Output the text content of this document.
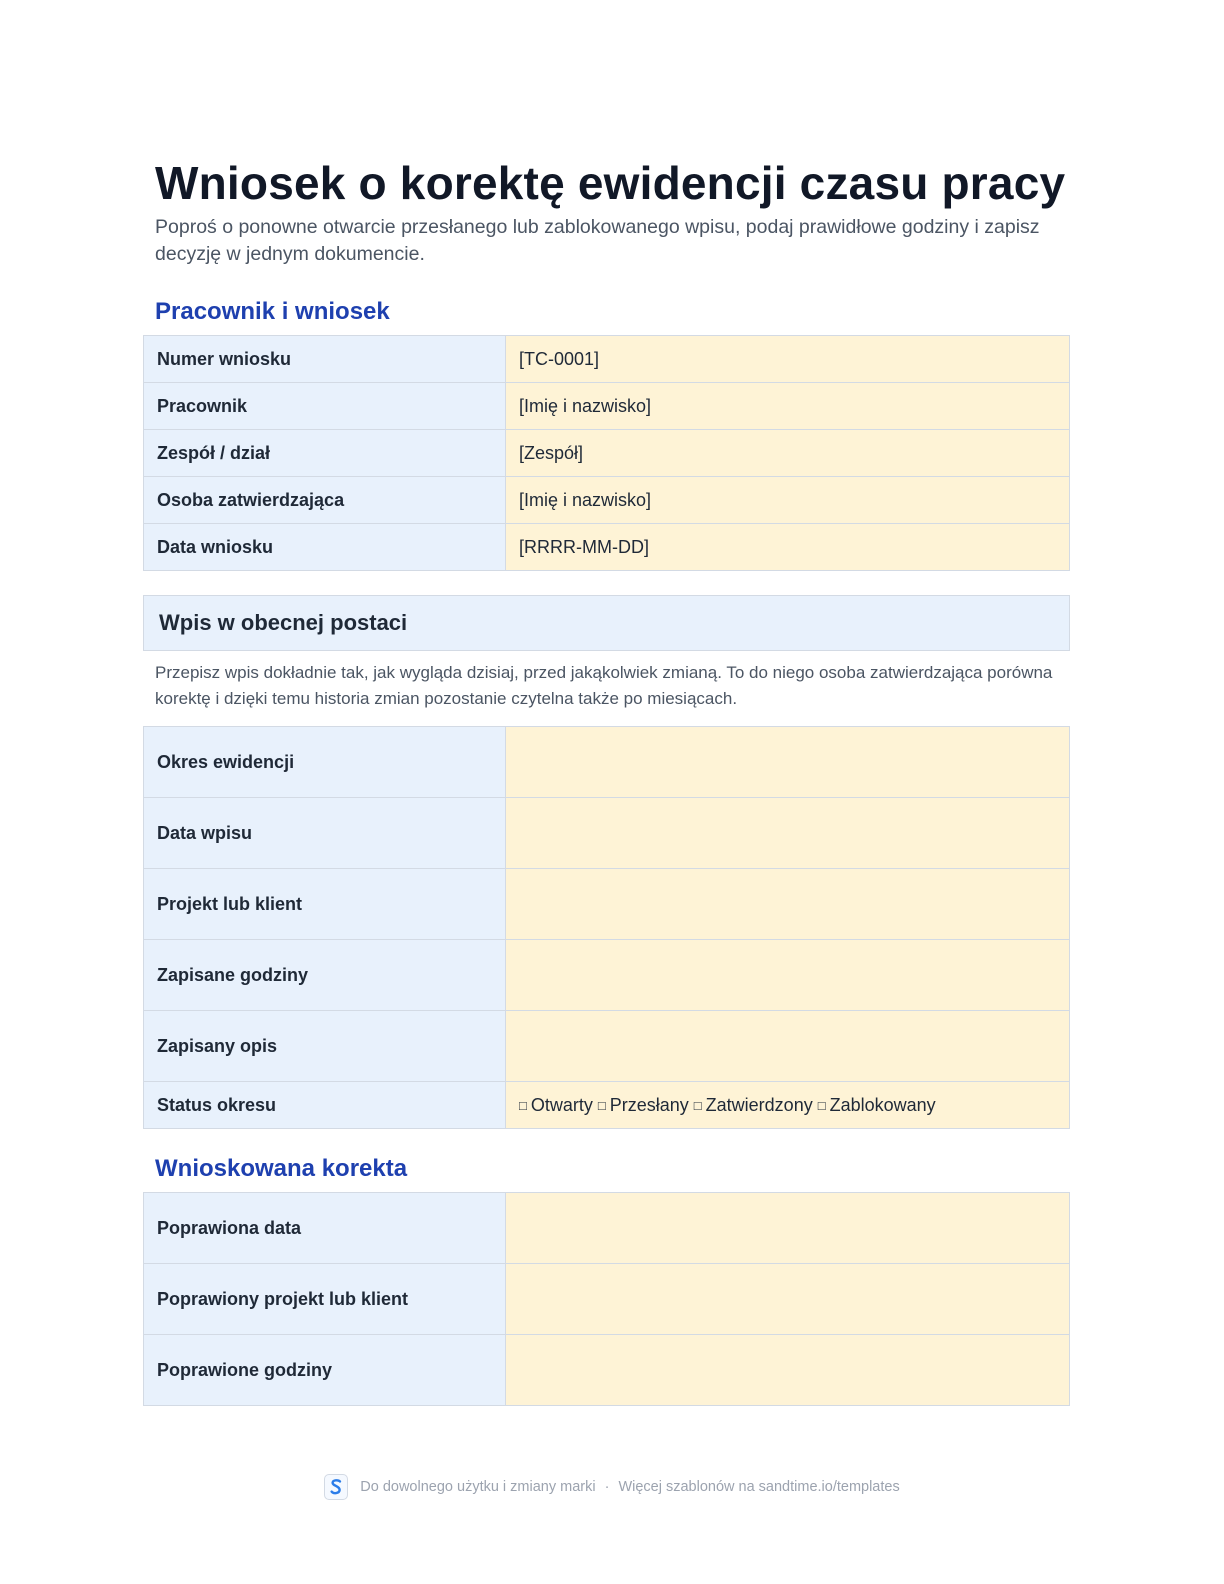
Wniosek o korektę ewidencji czasu pracy

Poproś o ponowne otwarcie przesłanego lub zablokowanego wpisu, podaj prawidłowe godziny i zapisz decyzję w jednym dokumencie.

Pracownik i wniosek
Numer wniosku	[TC-0001]
Pracownik	[Imię i nazwisko]
Zespół / dział	[Zespół]
Osoba zatwierdzająca	[Imię i nazwisko]
Data wniosku	[RRRR-MM-DD]
Wpis w obecnej postaci

Przepisz wpis dokładnie tak, jak wygląda dzisiaj, przed jakąkolwiek zmianą. To do niego osoba zatwierdzająca porówna korektę i dzięki temu historia zmian pozostanie czytelna także po miesiącach.

Okres ewidencji	
Data wpisu	
Projekt lub klient	
Zapisane godziny	
Zapisany opis	
Status okresu	□ Otwarty □ Przesłany □ Zatwierdzony □ Zablokowany
Wnioskowana korekta
Poprawiona data	
Poprawiony projekt lub klient	
Poprawione godziny	
Do dowolnego użytku i zmiany marki · Więcej szablonów na sandtime.io/templates
